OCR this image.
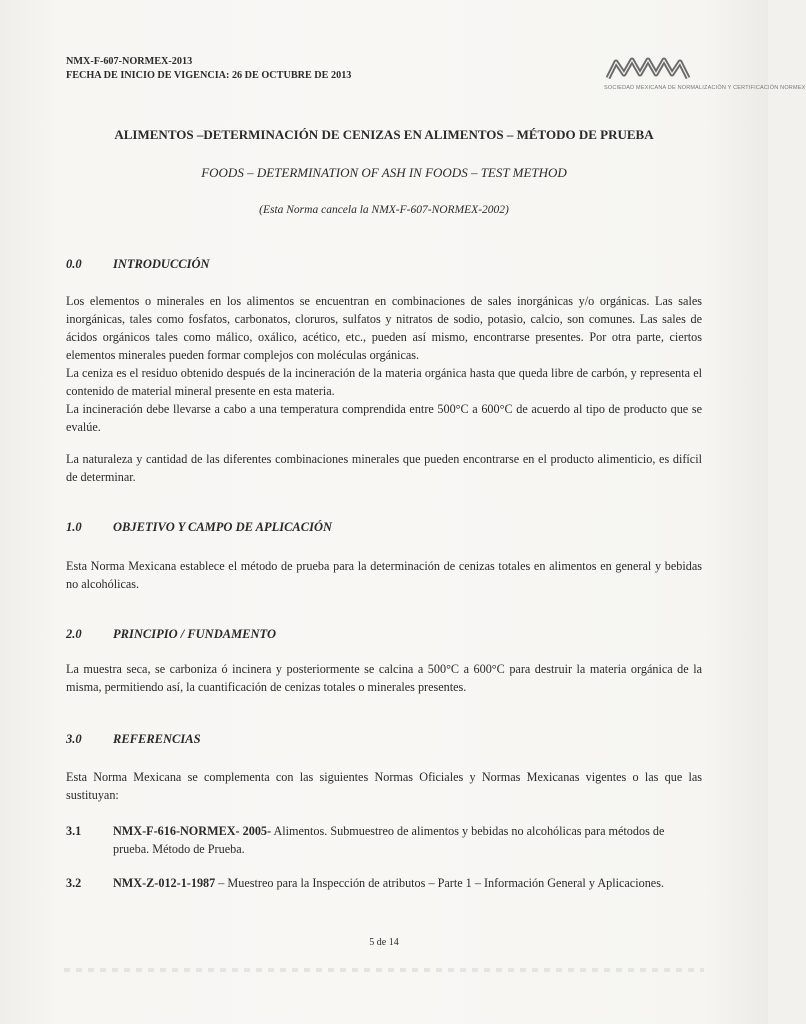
NMX-F-607-NORMEX-2013
FECHA DE INICIO DE VIGENCIA: 26 DE OCTUBRE DE 2013
SOCIEDAD MEXICANA DE NORMALIZACIÓN Y CERTIFICACIÓN NORMEX
ALIMENTOS –DETERMINACIÓN DE CENIZAS EN ALIMENTOS – MÉTODO DE PRUEBA
FOODS – DETERMINATION OF ASH IN FOODS – TEST METHOD
(Esta Norma cancela la NMX-F-607-NORMEX-2002)
0.0	INTRODUCCIÓN

Los elementos o minerales en los alimentos se encuentran en combinaciones de sales inorgánicas y/o orgánicas. Las sales inorgánicas, tales como fosfatos, carbonatos, cloruros, sulfatos y nitratos de sodio, potasio, calcio, son comunes. Las sales de ácidos orgánicos tales como málico, oxálico, acético, etc., pueden así mismo, encontrarse presentes. Por otra parte, ciertos elementos minerales pueden formar complejos con moléculas orgánicas.

La ceniza es el residuo obtenido después de la incineración de la materia orgánica hasta que queda libre de carbón, y representa el contenido de material mineral presente en esta materia.

La incineración debe llevarse a cabo a una temperatura comprendida entre 500°C a 600°C de acuerdo al tipo de producto que se evalúe.

La naturaleza y cantidad de las diferentes combinaciones minerales que pueden encontrarse en el producto alimenticio, es difícil de determinar.
1.0	OBJETIVO Y CAMPO DE APLICACIÓN
Esta Norma Mexicana establece el método de prueba para la determinación de cenizas totales en alimentos en general y bebidas no alcohólicas.
2.0	PRINCIPIO / FUNDAMENTO
La muestra seca, se carboniza ó incinera y posteriormente se calcina a 500°C a 600°C para destruir la materia orgánica de la misma, permitiendo así, la cuantificación de cenizas totales o minerales presentes.
3.0	REFERENCIAS
Esta Norma Mexicana se complementa con las siguientes Normas Oficiales y Normas Mexicanas vigentes o las que las sustituyan:
3.1	NMX-F-616-NORMEX- 2005- Alimentos. Submuestreo de alimentos y bebidas no alcohólicas para métodos de prueba. Método de Prueba.
3.2	NMX-Z-012-1-1987 – Muestreo para la Inspección de atributos – Parte 1 – Información General y Aplicaciones.
5 de 14
